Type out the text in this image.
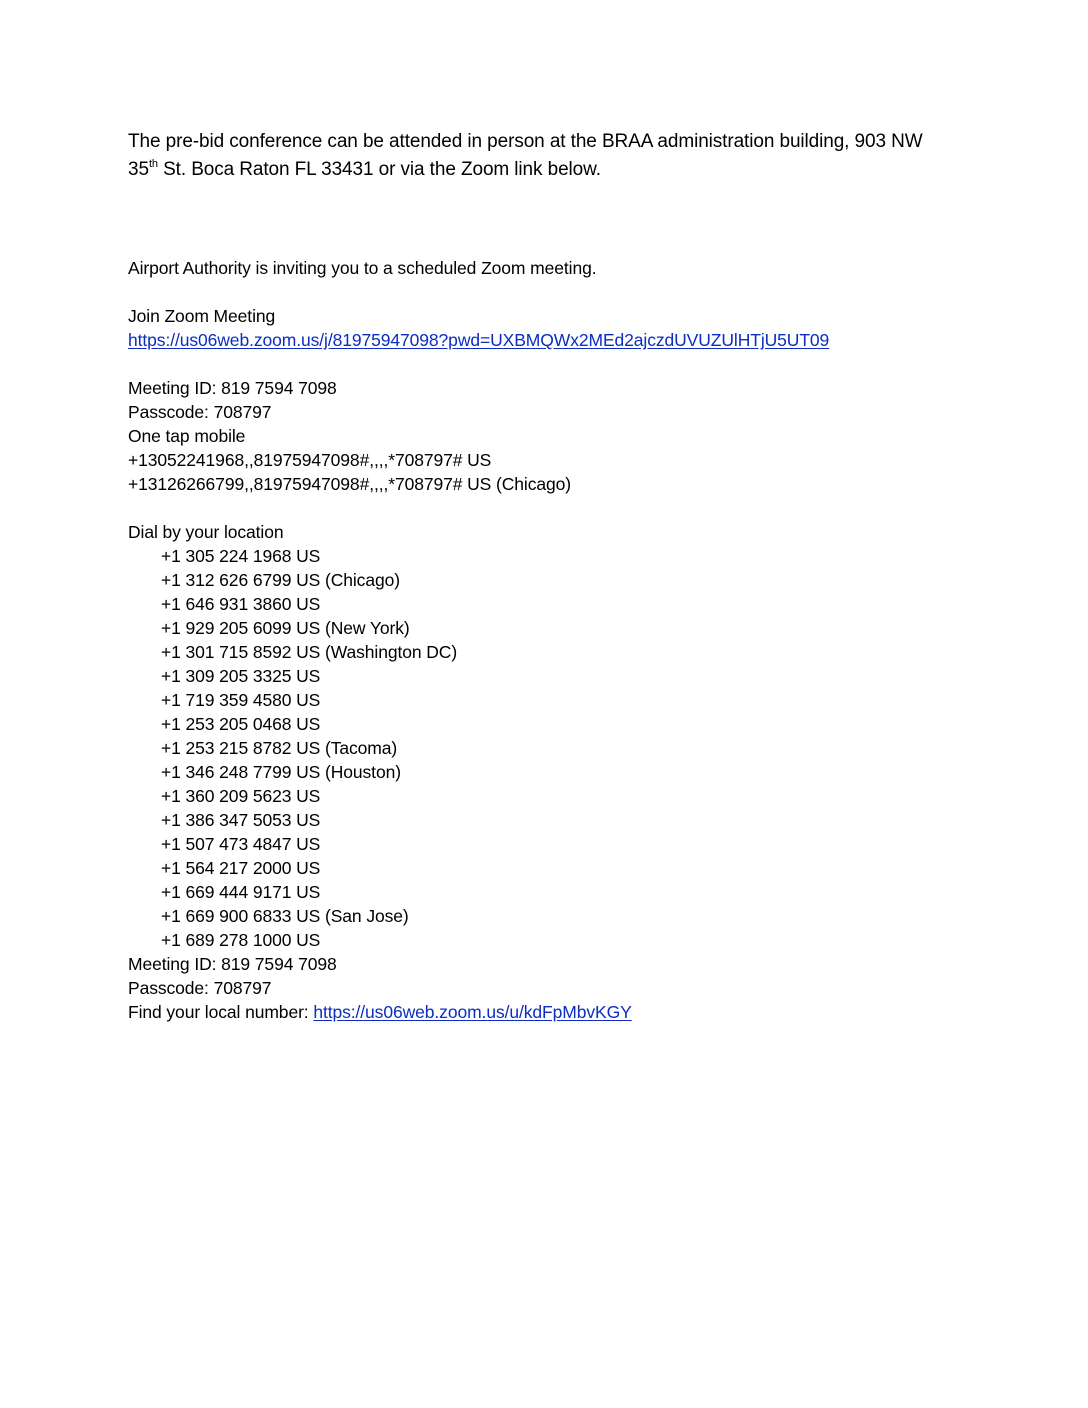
The pre-bid conference can be attended in person at the BRAA administration building, 903 NW
35th St. Boca Raton FL 33431 or via the Zoom link below.

Airport Authority is inviting you to a scheduled Zoom meeting.
Join Zoom Meeting
https://us06web.zoom.us/j/81975947098?pwd=UXBMQWx2MEd2ajczdUVUZUlHTjU5UT09
Meeting ID: 819 7594 7098
Passcode: 708797
One tap mobile
+13052241968,,81975947098#,,,,*708797# US
+13126266799,,81975947098#,,,,*708797# US (Chicago)
Dial by your location
+1 305 224 1968 US
+1 312 626 6799 US (Chicago)
+1 646 931 3860 US
+1 929 205 6099 US (New York)
+1 301 715 8592 US (Washington DC)
+1 309 205 3325 US
+1 719 359 4580 US
+1 253 205 0468 US
+1 253 215 8782 US (Tacoma)
+1 346 248 7799 US (Houston)
+1 360 209 5623 US
+1 386 347 5053 US
+1 507 473 4847 US
+1 564 217 2000 US
+1 669 444 9171 US
+1 669 900 6833 US (San Jose)
+1 689 278 1000 US
Meeting ID: 819 7594 7098
Passcode: 708797
Find your local number: https://us06web.zoom.us/u/kdFpMbvKGY
